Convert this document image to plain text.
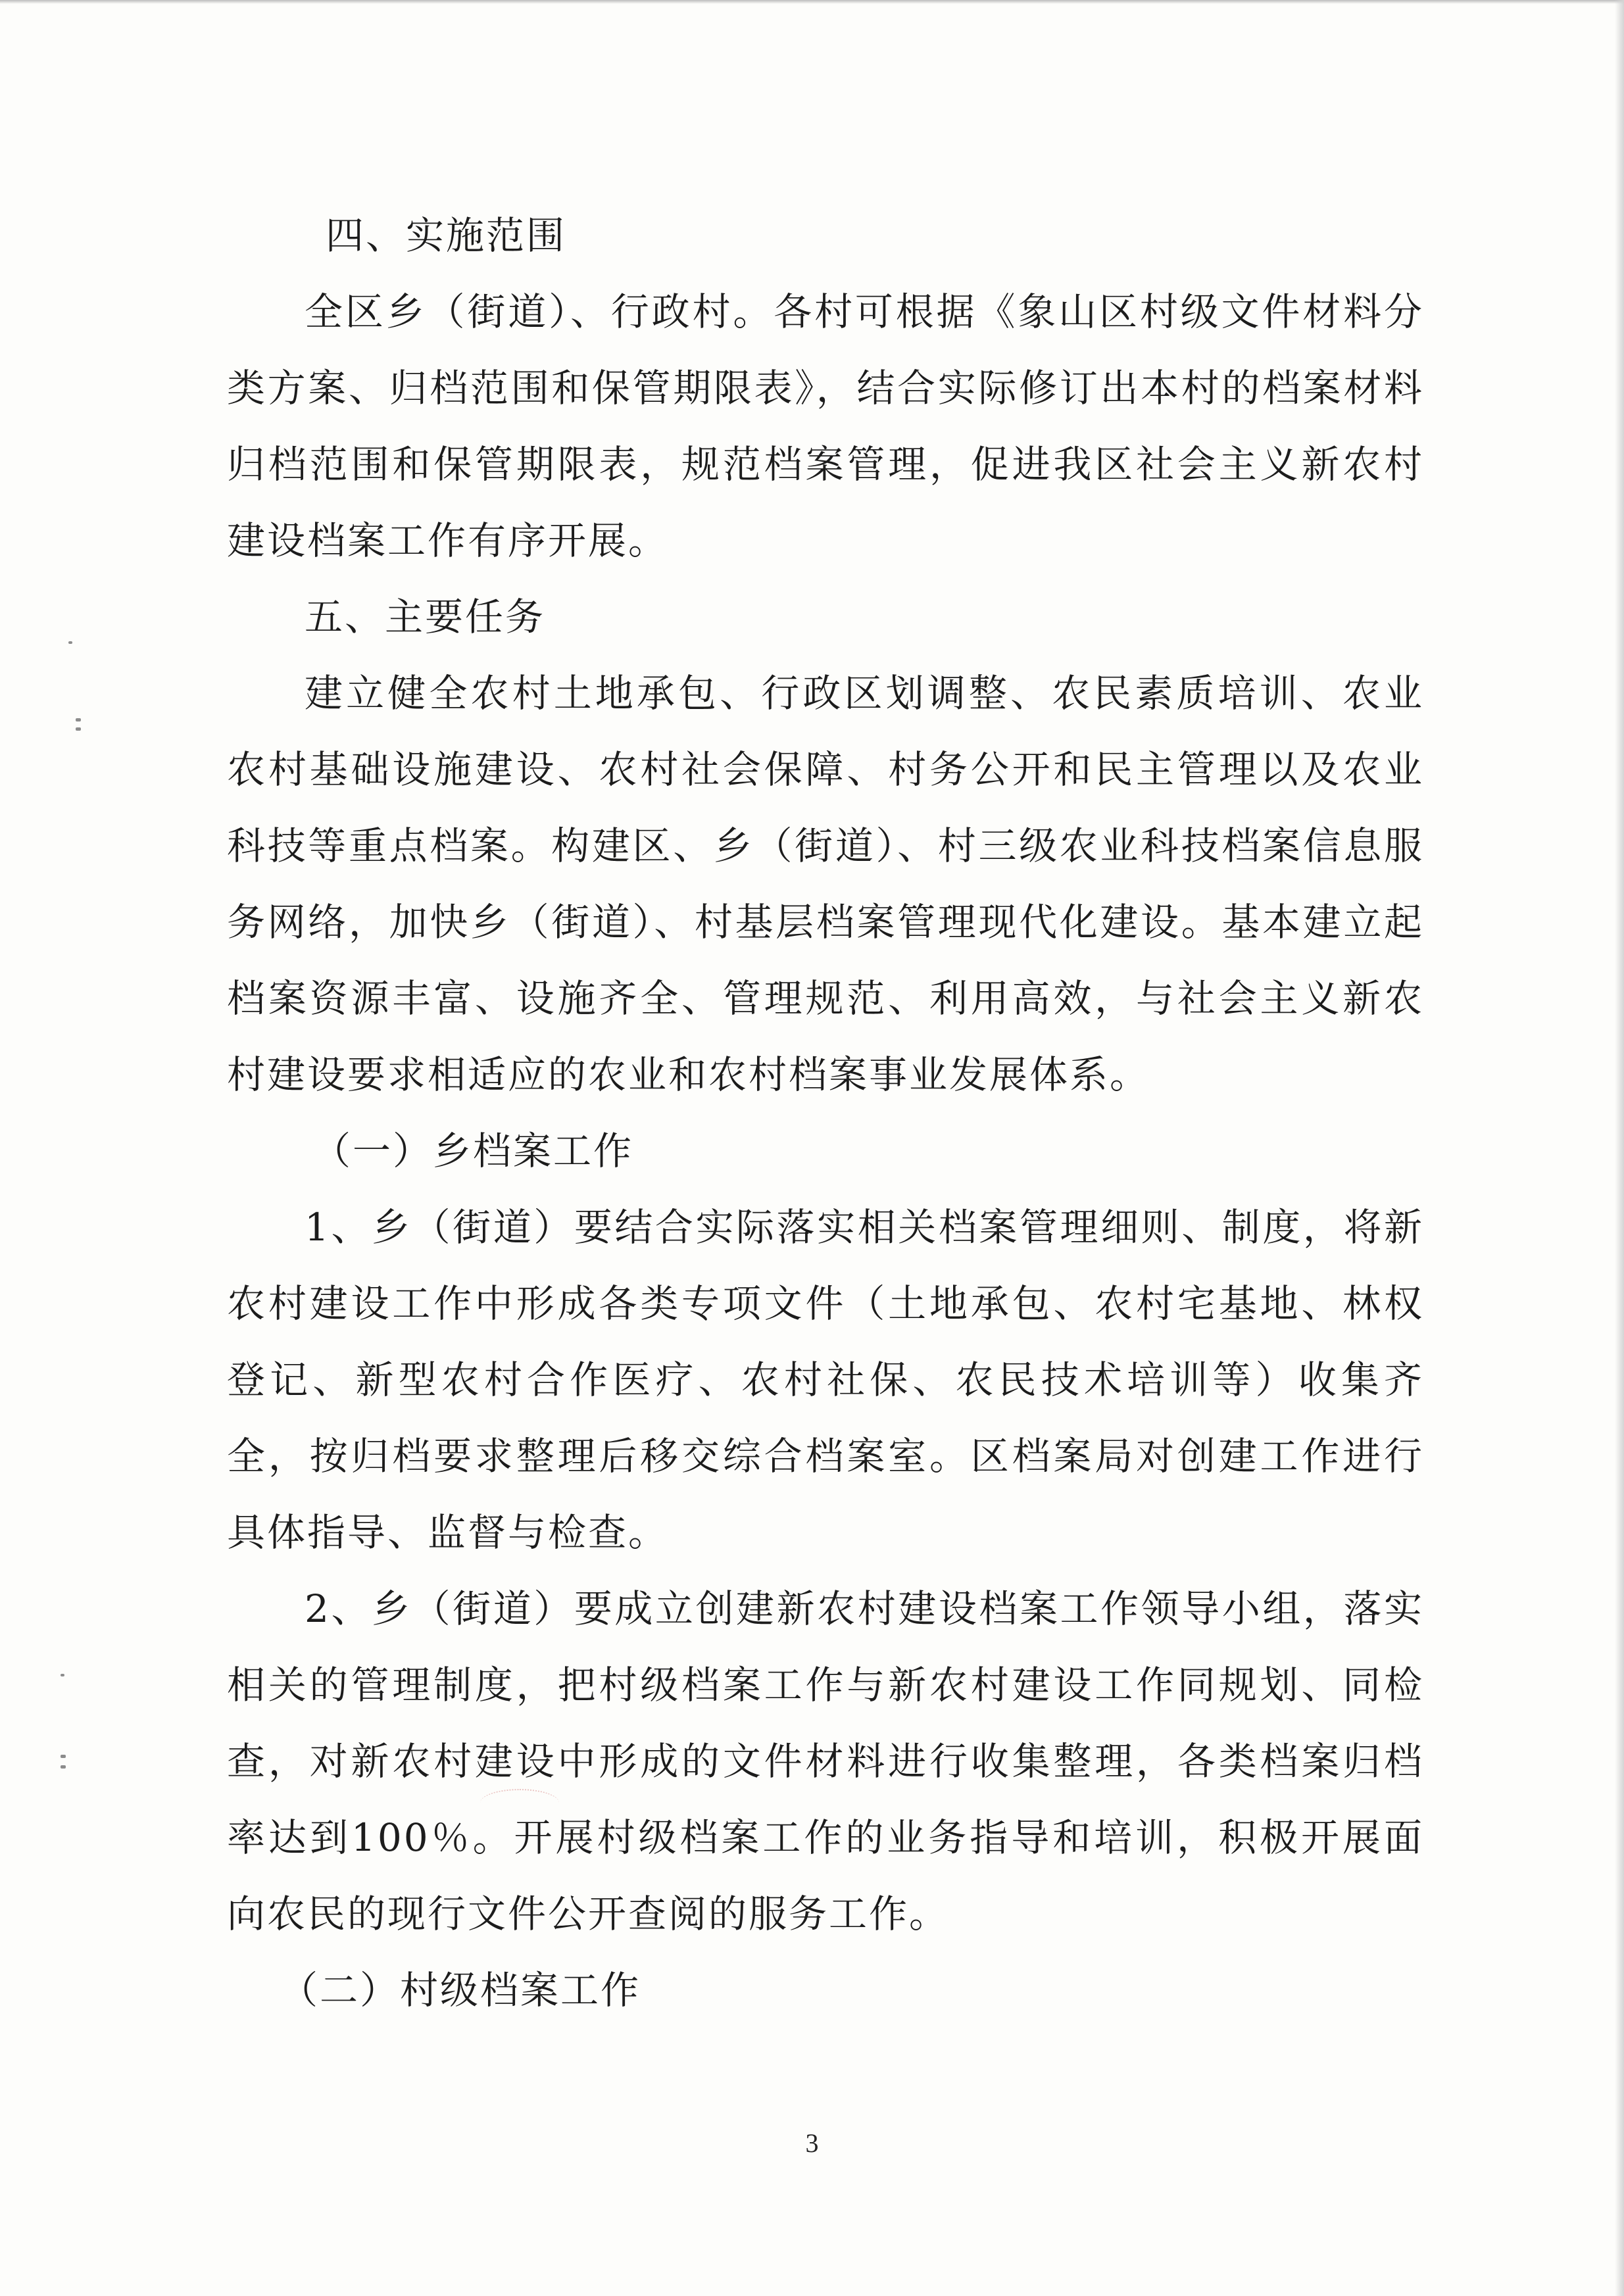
四、实施范围

全区乡（街道）、行政村。各村可根据《象山区村级文件材料分类方案、归档范围和保管期限表》，结合实际修订出本村的档案材料归档范围和保管期限表，规范档案管理，促进我区社会主义新农村建设档案工作有序开展。

五、主要任务

建立健全农村土地承包、行政区划调整、农民素质培训、农业农村基础设施建设、农村社会保障、村务公开和民主管理以及农业科技等重点档案。构建区、乡（街道）、村三级农业科技档案信息服务网络，加快乡（街道）、村基层档案管理现代化建设。基本建立起档案资源丰富、设施齐全、管理规范、利用高效，与社会主义新农村建设要求相适应的农业和农村档案事业发展体系。

（一）乡档案工作

1、乡（街道）要结合实际落实相关档案管理细则、制度，将新农村建设工作中形成各类专项文件（土地承包、农村宅基地、林权登记、新型农村合作医疗、农村社保、农民技术培训等）收集齐全，按归档要求整理后移交综合档案室。区档案局对创建工作进行具体指导、监督与检查。

2、乡（街道）要成立创建新农村建设档案工作领导小组，落实相关的管理制度，把村级档案工作与新农村建设工作同规划、同检查，对新农村建设中形成的文件材料进行收集整理，各类档案归档率达到100％。开展村级档案工作的业务指导和培训，积极开展面向农民的现行文件公开查阅的服务工作。

（二）村级档案工作

3
